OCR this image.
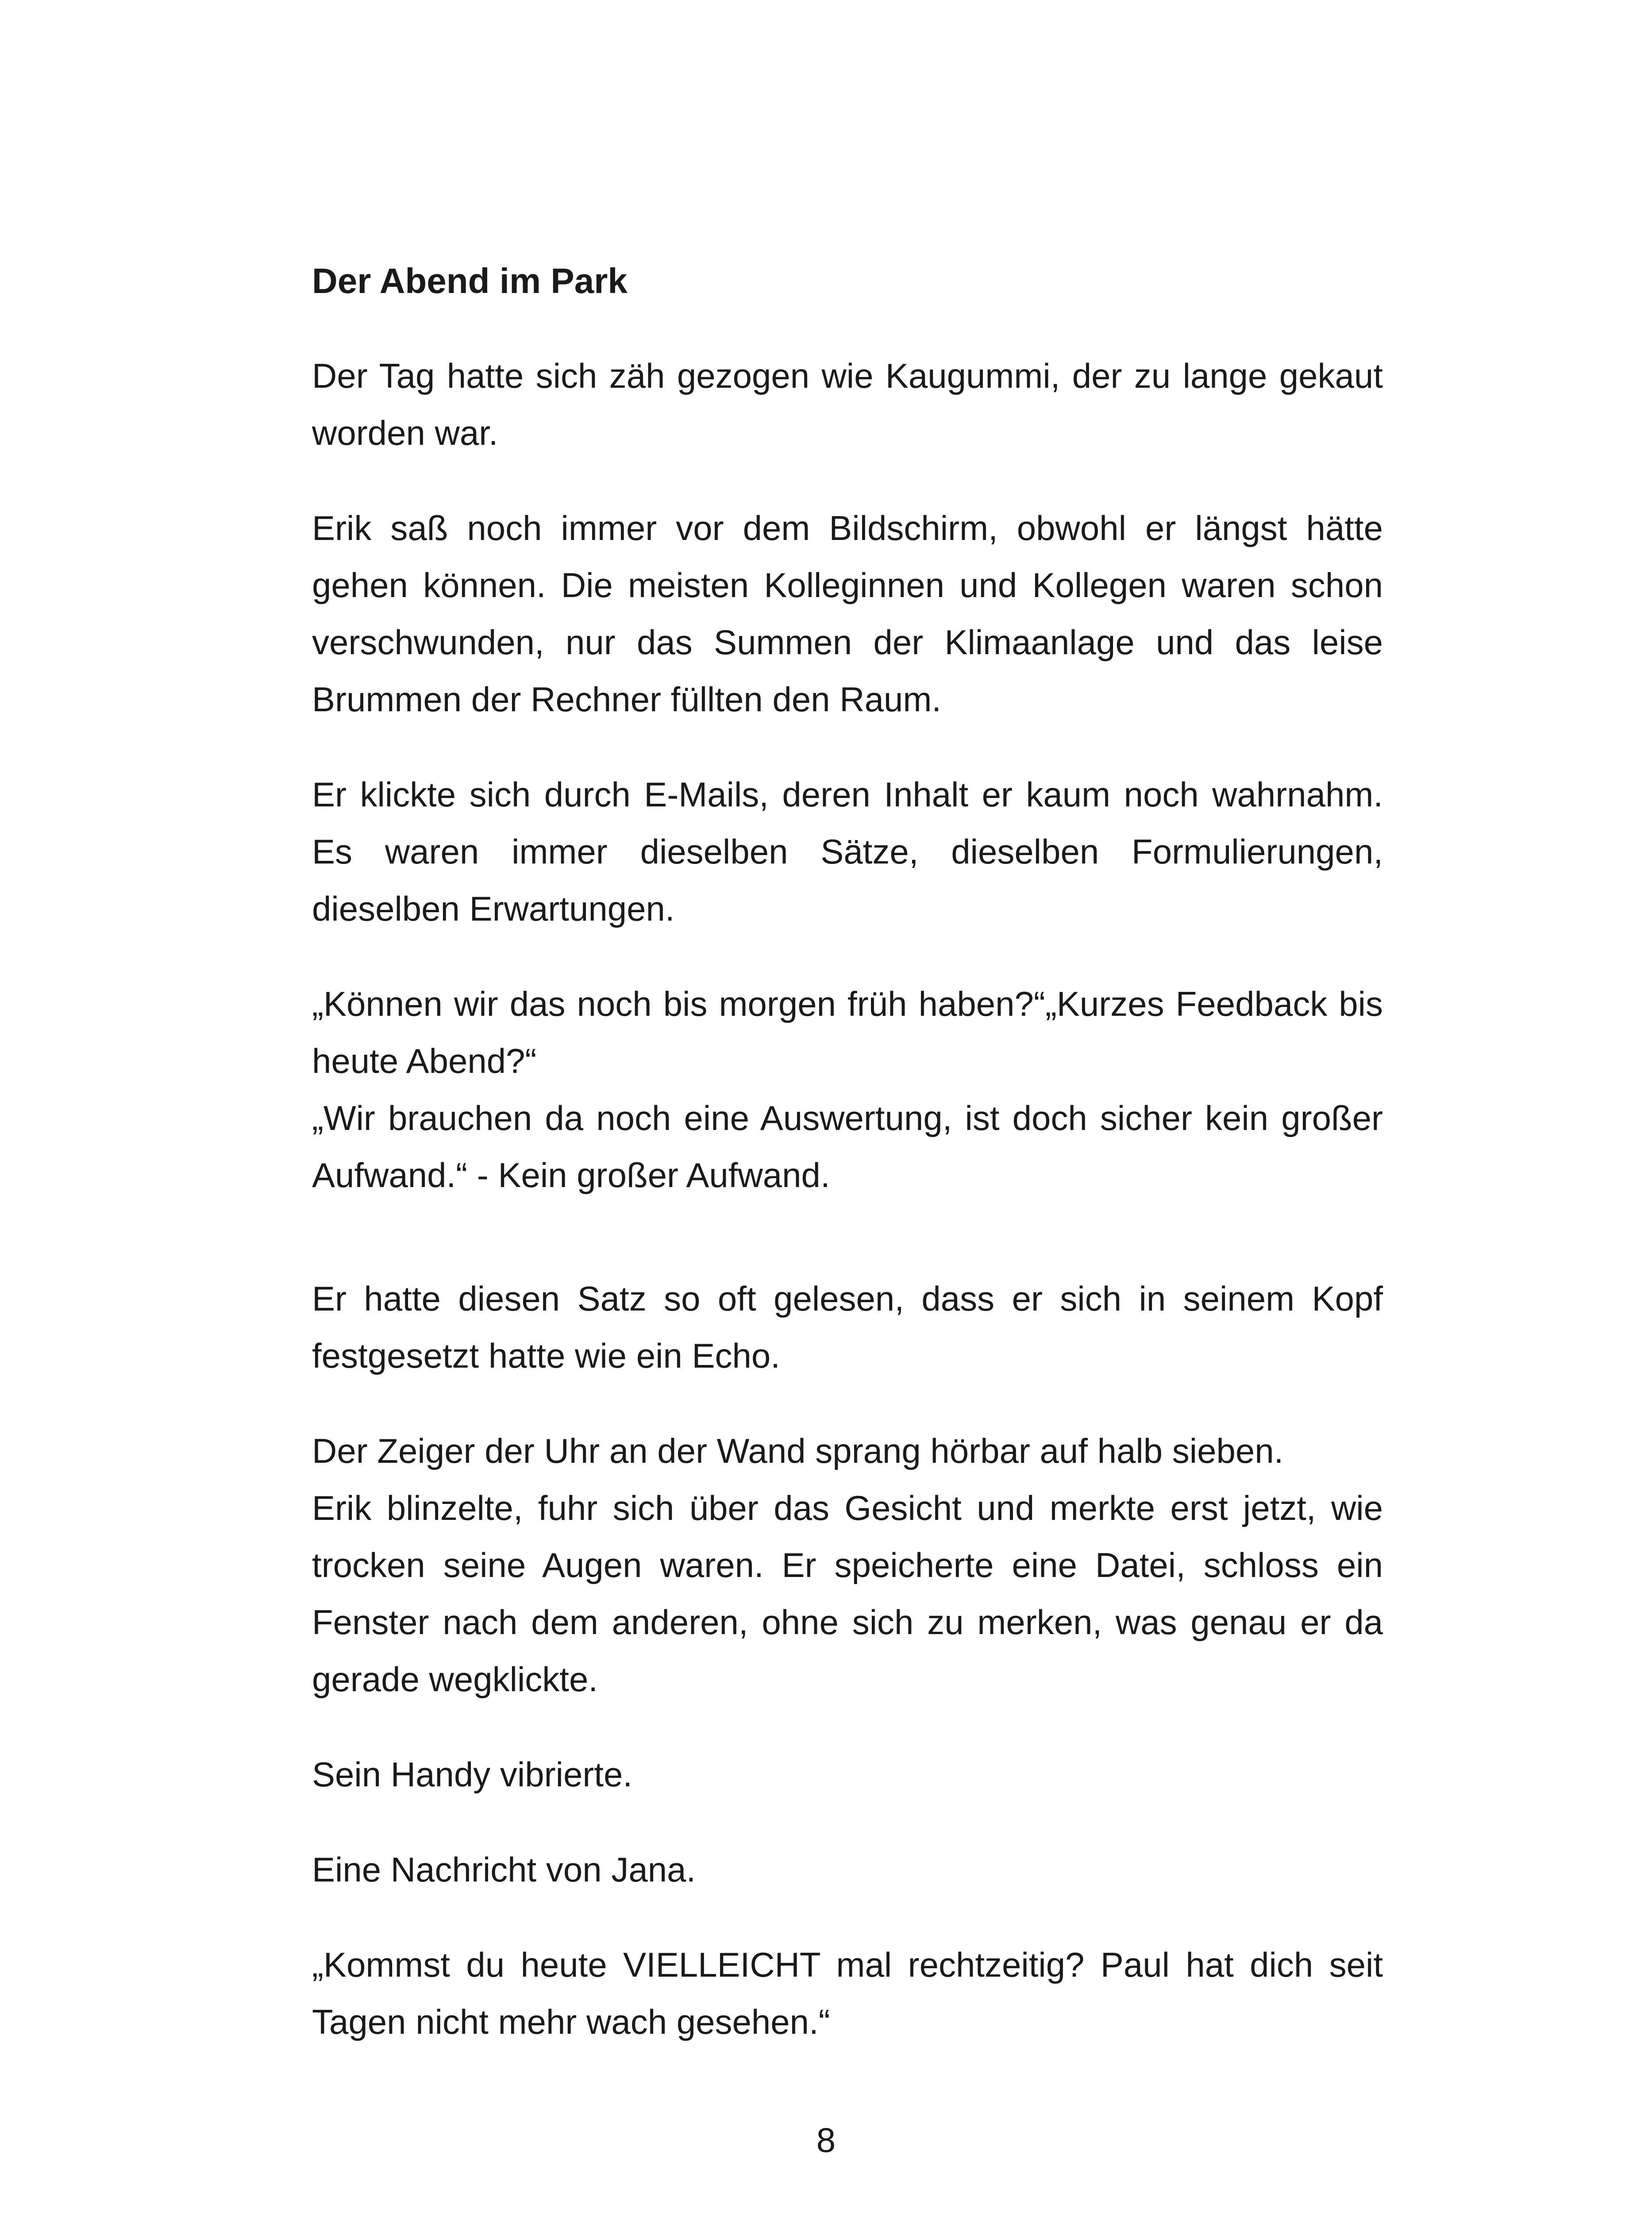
Der Abend im Park

Der Tag hatte sich zäh gezogen wie Kaugummi, der zu lange gekaut worden war.

Erik saß noch immer vor dem Bildschirm, obwohl er längst hätte gehen können. Die meisten Kolleginnen und Kollegen waren schon verschwunden, nur das Summen der Klimaanlage und das leise Brummen der Rechner füllten den Raum.

Er klickte sich durch E-Mails, deren Inhalt er kaum noch wahrnahm. Es waren immer dieselben Sätze, dieselben Formulierungen, dieselben Erwartungen.

„Können wir das noch bis morgen früh haben?“„Kurzes Feedback bis heute Abend?“

„Wir brauchen da noch eine Auswertung, ist doch sicher kein großer Aufwand.“ - Kein großer Aufwand.

Er hatte diesen Satz so oft gelesen, dass er sich in seinem Kopf festgesetzt hatte wie ein Echo.

Der Zeiger der Uhr an der Wand sprang hörbar auf halb sieben.

Erik blinzelte, fuhr sich über das Gesicht und merkte erst jetzt, wie trocken seine Augen waren. Er speicherte eine Datei, schloss ein Fenster nach dem anderen, ohne sich zu merken, was genau er da gerade wegklickte.

Sein Handy vibrierte.

Eine Nachricht von Jana.

„Kommst du heute VIELLEICHT mal rechtzeitig? Paul hat dich seit Tagen nicht mehr wach gesehen.“

8
